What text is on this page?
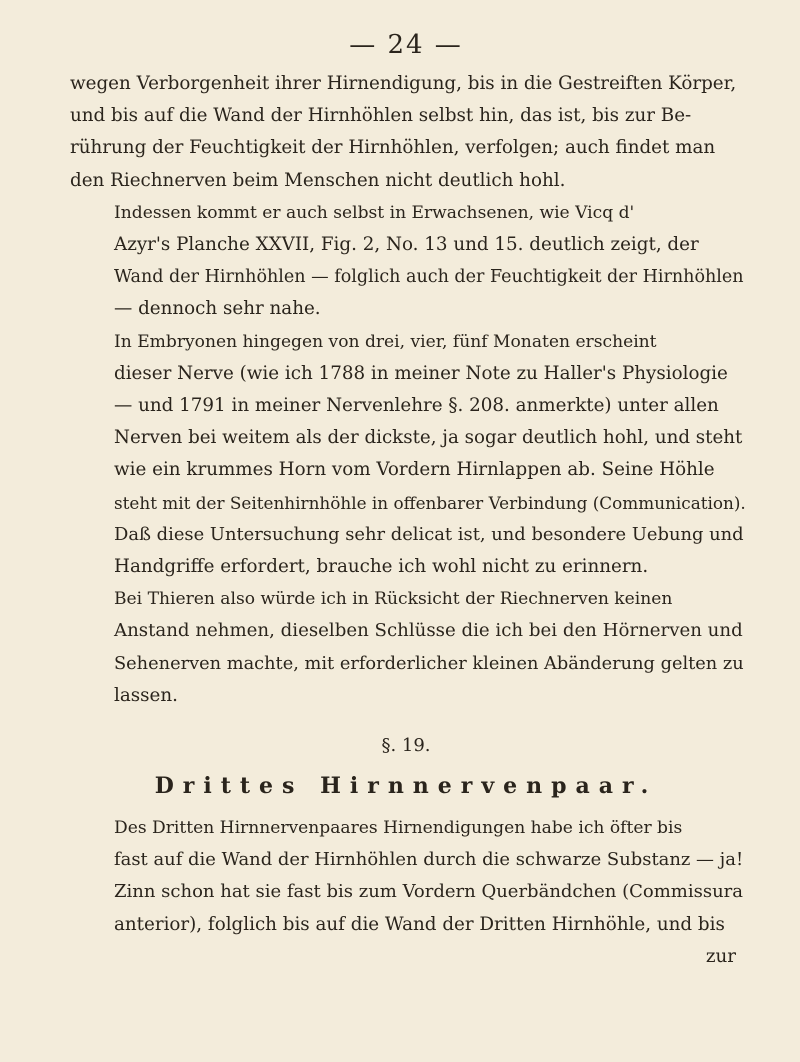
— 24 —

wegen Verborgenheit ihrer Hirnendigung, bis in die Gestreiften Körper,
und bis auf die Wand der Hirnhöhlen selbst hin, das ist, bis zur Be-
rührung der Feuchtigkeit der Hirnhöhlen, verfolgen; auch findet man
den Riechnerven beim Menschen nicht deutlich hohl.

Indessen kommt er auch selbst in Erwachsenen, wie Vicq d'
Azyr's Planche XXVII, Fig. 2, No. 13 und 15. deutlich zeigt, der
Wand der Hirnhöhlen — folglich auch der Feuchtigkeit der Hirnhöhlen
— dennoch sehr nahe.

In Embryonen hingegen von drei, vier, fünf Monaten erscheint
dieser Nerve (wie ich 1788 in meiner Note zu Haller's Physiologie
— und 1791 in meiner Nervenlehre §. 208. anmerkte) unter allen
Nerven bei weitem als der dickste, ja sogar deutlich hohl, und steht
wie ein krummes Horn vom Vordern Hirnlappen ab. Seine Höhle
steht mit der Seitenhirnhöhle in offenbarer Verbindung (Communication).
Daß diese Untersuchung sehr delicat ist, und besondere Uebung und
Handgriffe erfordert, brauche ich wohl nicht zu erinnern.

Bei Thieren also würde ich in Rücksicht der Riechnerven keinen
Anstand nehmen, dieselben Schlüsse die ich bei den Hörnerven und
Sehenerven machte, mit erforderlicher kleinen Abänderung gelten zu
lassen.

§. 19.
Drittes Hirnnervenpaar.

Des Dritten Hirnnervenpaares Hirnendigungen habe ich öfter bis
fast auf die Wand der Hirnhöhlen durch die schwarze Substanz — ja!
Zinn schon hat sie fast bis zum Vordern Querbändchen (Commissura
anterior), folglich bis auf die Wand der Dritten Hirnhöhle, und bis

zur
